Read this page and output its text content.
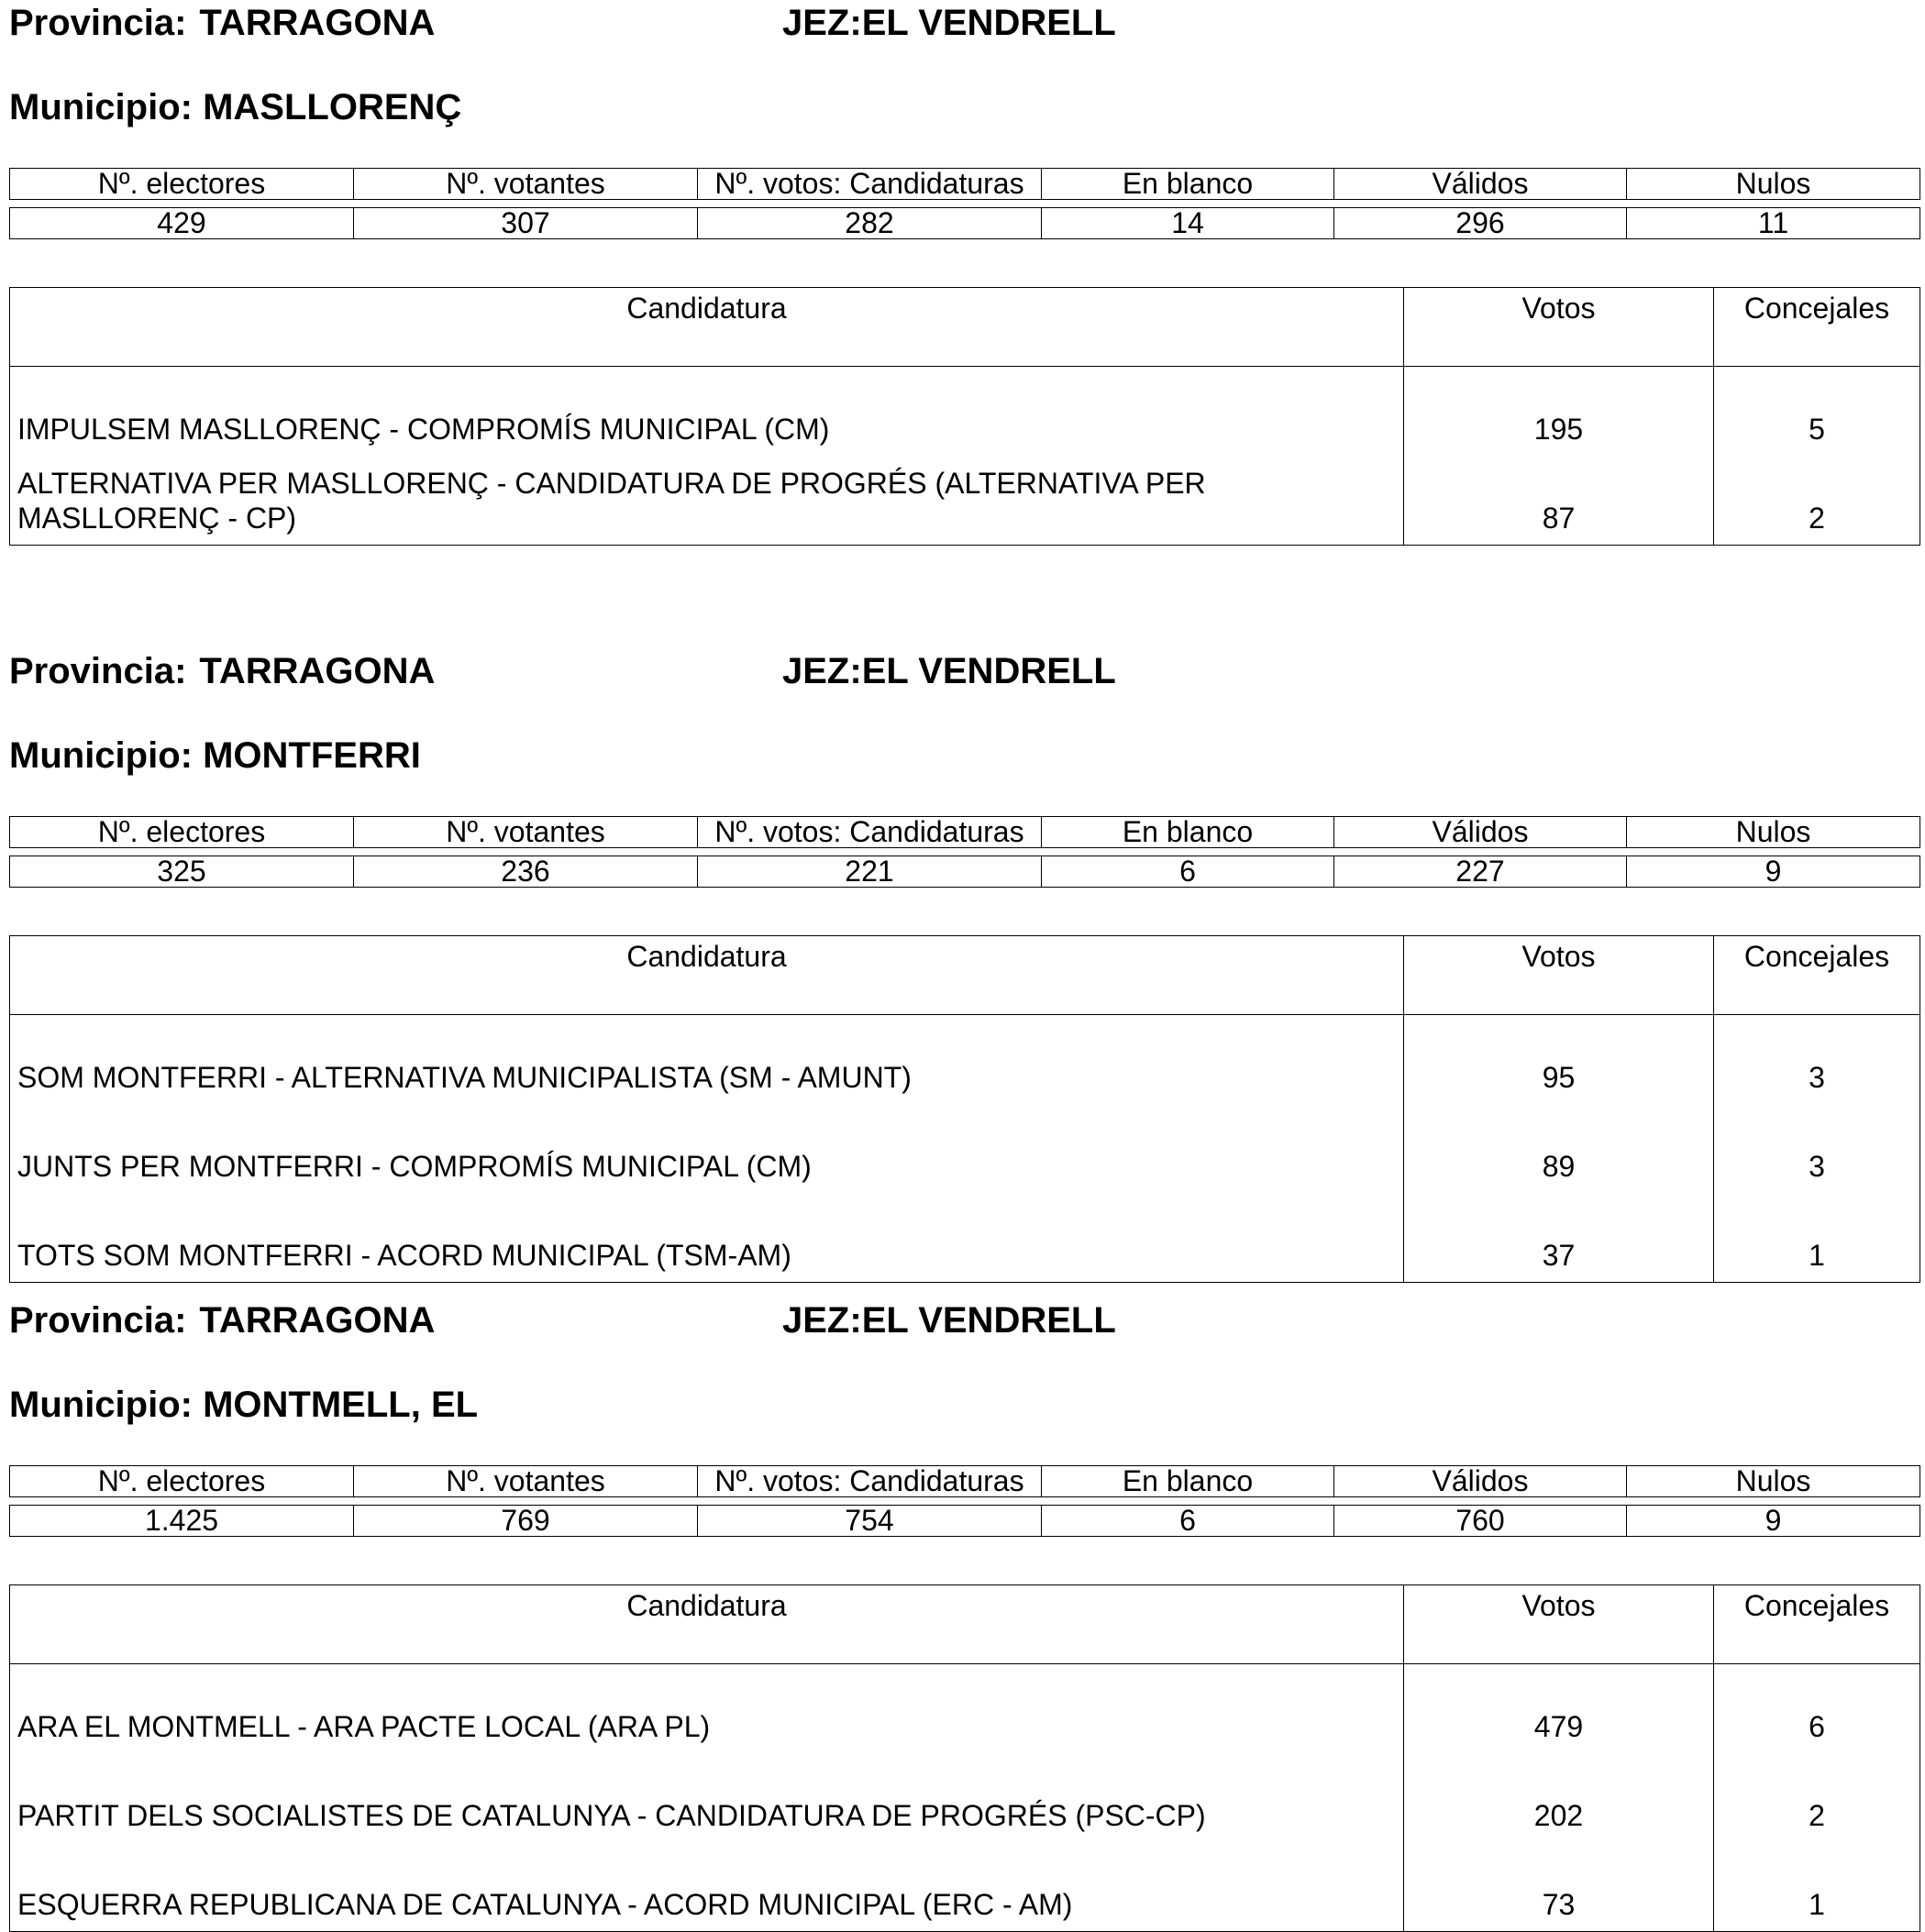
Provincia: TARRAGONA	JEZ:EL VENDRELL
Municipio: MASLLORENÇ
Nº. electores	Nº. votantes	Nº. votos: Candidaturas	En blanco	Válidos	Nulos

429	307	282	14	296	11
Candidatura	Votos	Concejales
IMPULSEM MASLLORENÇ - COMPROMÍS MUNICIPAL (CM)	195	5
ALTERNATIVA PER MASLLORENÇ - CANDIDATURA DE PROGRÉS (ALTERNATIVA PER MASLLORENÇ - CP)	87	2
Provincia: TARRAGONA	JEZ:EL VENDRELL
Municipio: MONTFERRI
Nº. electores	Nº. votantes	Nº. votos: Candidaturas	En blanco	Válidos	Nulos

325	236	221	6	227	9
Candidatura	Votos	Concejales
SOM MONTFERRI - ALTERNATIVA MUNICIPALISTA (SM - AMUNT)	95	3
JUNTS PER MONTFERRI - COMPROMÍS MUNICIPAL (CM)	89	3
TOTS SOM MONTFERRI - ACORD MUNICIPAL (TSM-AM)	37	1
Provincia: TARRAGONA	JEZ:EL VENDRELL
Municipio: MONTMELL, EL
Nº. electores	Nº. votantes	Nº. votos: Candidaturas	En blanco	Válidos	Nulos

1.425	769	754	6	760	9
Candidatura	Votos	Concejales
ARA EL MONTMELL - ARA PACTE LOCAL (ARA PL)	479	6
PARTIT DELS SOCIALISTES DE CATALUNYA - CANDIDATURA DE PROGRÉS (PSC-CP)	202	2
ESQUERRA REPUBLICANA DE CATALUNYA - ACORD MUNICIPAL (ERC - AM)	73	1
